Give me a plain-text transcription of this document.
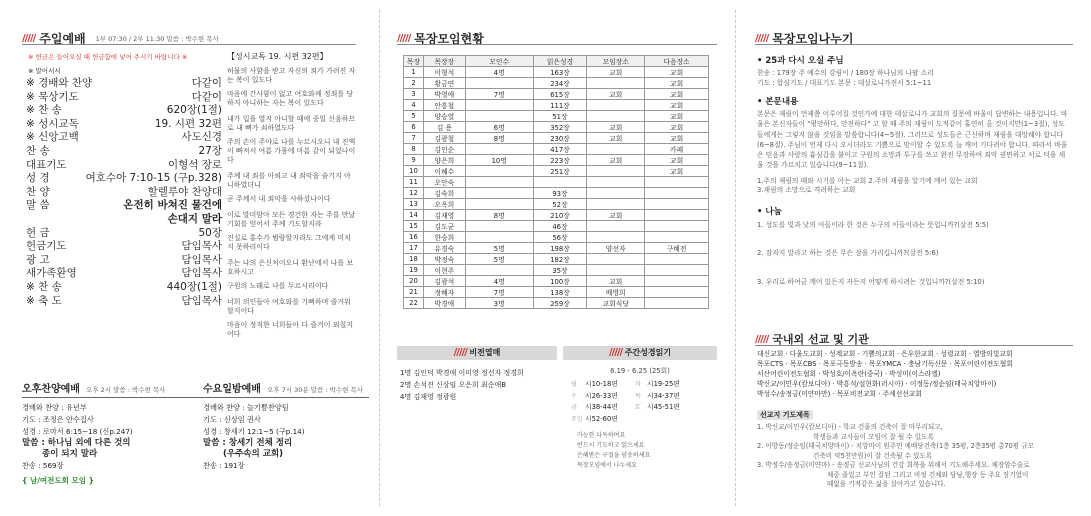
///// 주일예배 1부 07:30 / 2부 11:30 말씀 : 박수현 목사
※ 헌금은 들어오실 때 헌금함에 넣어 주시기 바랍니다 ※
※ 말어서서
※ 경배와 찬양	다같이
※ 묵상기도	다같이
※ 찬 송	620장(1절)
※ 성시교독	19. 시편 32편
※ 신앙고백	사도신경
찬 송	27장
대표기도	이형석 장로
성 경	여호수아 7:10-15 (구p.328)
찬 양	할렐루야 찬양대
말 씀	온전히 바쳐진 물건에
손대지 말라
헌 금	50장
헌금기도	담임목사
광 고	담임목사
새가족환영	담임목사
※ 찬 송	440장(1절)
※ 축 도	담임목사
【성시교독 19. 시편 32편】
허물의 사함을 받고 자신의 죄가 가려진 자는 복이 있도다
마음에 간사함이 없고 여호와께 정죄를 당하지 아니하는 자는 복이 있도다
내가 입을 열지 아니할 때에 종일 신음하므로 내 뼈가 쇠하였도다
주의 손이 주야로 나를 누르시오니 내 진액이 빠져서 여름 가뭄에 마름 같이 되었나이다
주께 내 죄를 아뢰고 내 죄악을 숨기지 아니하였더니
곧 주께서 내 죄악을 사하셨나이다
이로 말미암아 모든 경건한 자는 주를 만날 기회를 얻어서 주께 기도할지라
진실로 홍수가 범람할지라도 그에게 미치지 못하리이다
주는 나의 은신처이오니 환난에서 나를 보호하시고
구원의 노래로 나를 두르시리이다
너희 의인들아 여호와를 기뻐하며 즐거워할지어다
마음이 정직한 너희들아 다 즐거이 외칠지어다
오후찬양예배 오후 2시 말씀 : 박수현 목사
경배와 찬양 : 유년부
기도 : 조정은 안수집사
성경 : 로마서 6:15~18 (신p.247)
말씀 : 하나님 외에 다른 것의
종이 되지 말라
찬송 : 569장
{ 남/여전도회 모임 }
수요일밤예배 오후 7시 30분 말씀 : 박수현 목사
경배와 찬양 : 늘기쁨찬양팀
기도 : 신상임 권사
성경 : 창세기 12:1~5 (구p.14)
말씀 : 창세기 전체 정리
(우주속의 교회)
찬송 : 191장
///// 목장모임현황
목장	목장장	모인수	읽은성경	모임장소	다음장소
1	이형석	4명	163장	교회	교회
2	황금연		234장		교회
3	박영애	7명	615장	교회	교회
4	안흥철		111장		교회
5	양승열		51장		교회
6	김 용	6명	352장	교회	교회
7	김광철	8명	230장	교회	교회
8	김인순		417장		카페
9	양은희	10명	223장	교회	교회
10	이혜수		251장		교회
11	오안숙				
12	김숙희		93장		
13	오옥희		52장		
14	김재영	8명	210장	교회	
15	김도균		46장		
16	한승희		56장		
17	유경숙	5명	198장	양선자	구혜전
18	박정숙	5명	182장		
19	이현주		35장		
20	김광석	4명	100장	교회	
21	정혜자	7명	138장	배영희	
22	박경애	3명	259장	교회식당	
///// 비전열매
1명 김인덕 박경애 이미영 정선자 정경희
2명 손석진 신상임 오은희 최순애B
4명 김재영 정광원
///// 주간성경읽기
6.19 - 6.25 (25회)
월	시10-18편	차 시19-25편
수	시26-33편	목 시34-37편
금	시38-44편	토 시45-51편
주일 시52-60편
가능한 다독하여요
반드시 기도하고 읽으세요
은혜받은 구절을 암송하세요
목장모임에서 나누세요
///// 목장모임나누기
• 25과 다시 오실 주님
찬송 : 179장 주 예수의 강림이 / 180장 하나님의 나팔 소리
기도 : 합심기도 / 대표기도 본문 : 데살로니가전서 5:1~11
• 본문내용
본문은 재림이 언제쯤 이루어질 것인가에 대한 데살로니가 교회의 질문에 바울이 답변하는 내용입니다. 바울은 본신자들이 "평안하다, 안전하다" 고 할 때 주의 재림이 도적같이 홀연히 올 것이지만(1~3절), 성도들에게는 그렇지 않을 것임을 말씀합니다(4~5절). 그러므로 성도들은 근신하며 재림을 대망해야 합니다(6~8절). 주님이 언제 다시 오시더라도 기쁨으로 맞이할 수 있도록 늘 깨어 기다려야 합니다. 따라서 바울은 믿음과 사랑의 흉심갑을 붙이고 구원의 소망과 투구를 쓰고 완전 무장하여 죄악 권면하고 서로 덕을 세울 것을 가르치고 있습니다(9~11절).
1.주의 재림의 때와 시기를 아는 교회 2.주의 재림을 알기에 깨어 있는 교회
3.재림의 소망으로 격려하는 교회
• 나눔
1. 성도를 빛과 낮의 아들이라 한 것은 누구의 아들이라는 뜻입니까?(살전 5:5)
2. 잠자지 말라고 하는 것은 무슨 잠을 가리킵니까?(살전 5:6)
3. 우리로 하여금 깨어 있든지 자든지 어떻게 하시려는 것입니까?(살전 5:10)
///// 국내외 선교 및 기관
대신교회 · 다울도교회 · 성계교회 · 기쁨의교회 · 은우한교회 · 성령교회 · 열방의빛교회
목포CTS · 목포CBS · 목포극동방송 · 목포YMCA · 충남기독신문 · 목포어린이전도협회
서산어린이전도협회 · 박성호/이옥란(중국) · 박성미(이스라엘)
박신교/이민우(캄보디아) · 박흥석/설현화(러시아) · 이정동/정순임(태국치앙마이)
박성수/송정금(미얀마만) · 목포비전교회 · 주세선선교회
선교지 기도제목
1. 박신교/이민우(캄보디아) - 학교 건물의 건축이 잘 마무리되고,
학생들과 교사들이 모임이 잘 될 수 있도록
2. 이방동/정순임(태국치앙마이) - 치앙마이 원주민 예배당건축(1층 35평, 2층35평 총70평 규모
건축비 약5천만원)이 잘 건축될 수 있도록
3. 박정수/송정금(미얀마) - 송정금 선교사님의 건강 회복을 위해서 기도해주세요. 체장암수술로
체중 줄었고 부인 잘된 그리고 비정 건체와 담낭,행장 등 주요 장기었이
때없을 기적같은 삶을 살아가고 있습니다.
